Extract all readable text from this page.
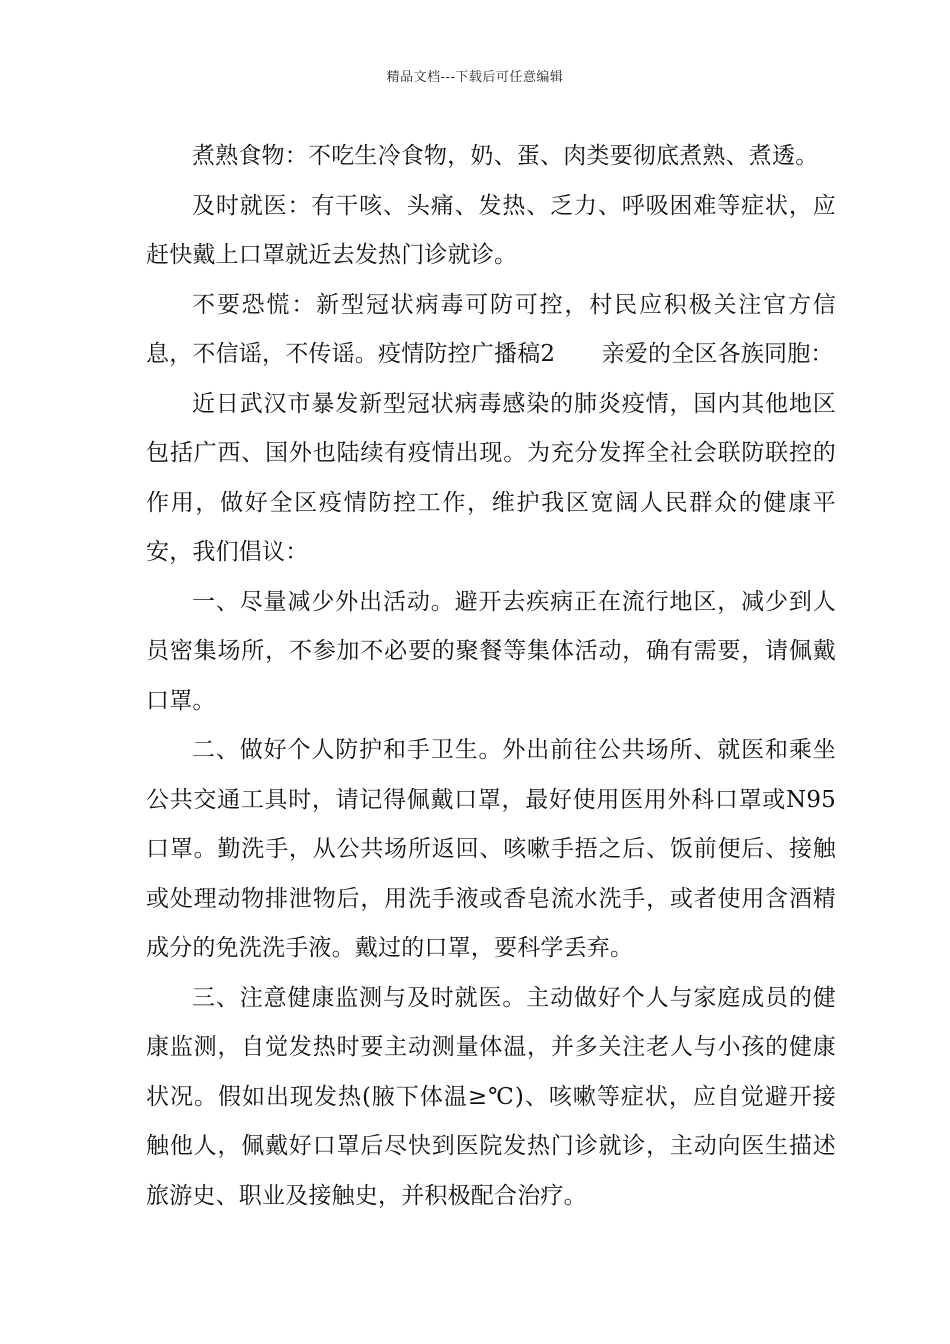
精品文档---下载后可任意编辑

煮熟食物：不吃生冷食物，奶、蛋、肉类要彻底煮熟、煮透。

及时就医：有干咳、头痛、发热、乏力、呼吸困难等症状，应赶快戴上口罩就近去发热门诊就诊。

不要恐慌：新型冠状病毒可防可控，村民应积极关注官方信息，不信谣，不传谣。疫情防控广播稿2　　亲爱的全区各族同胞：

近日武汉市暴发新型冠状病毒感染的肺炎疫情，国内其他地区包括广西、国外也陆续有疫情出现。为充分发挥全社会联防联控的作用，做好全区疫情防控工作，维护我区宽阔人民群众的健康平安，我们倡议：

一、尽量减少外出活动。避开去疾病正在流行地区，减少到人员密集场所，不参加不必要的聚餐等集体活动，确有需要，请佩戴口罩。

二、做好个人防护和手卫生。外出前往公共场所、就医和乘坐公共交通工具时，请记得佩戴口罩，最好使用医用外科口罩或N95口罩。勤洗手，从公共场所返回、咳嗽手捂之后、饭前便后、接触或处理动物排泄物后，用洗手液或香皂流水洗手，或者使用含酒精成分的免洗洗手液。戴过的口罩，要科学丢弃。

三、注意健康监测与及时就医。主动做好个人与家庭成员的健康监测，自觉发热时要主动测量体温，并多关注老人与小孩的健康状况。假如出现发热(腋下体温≥℃)、咳嗽等症状，应自觉避开接触他人，佩戴好口罩后尽快到医院发热门诊就诊，主动向医生描述旅游史、职业及接触史，并积极配合治疗。
